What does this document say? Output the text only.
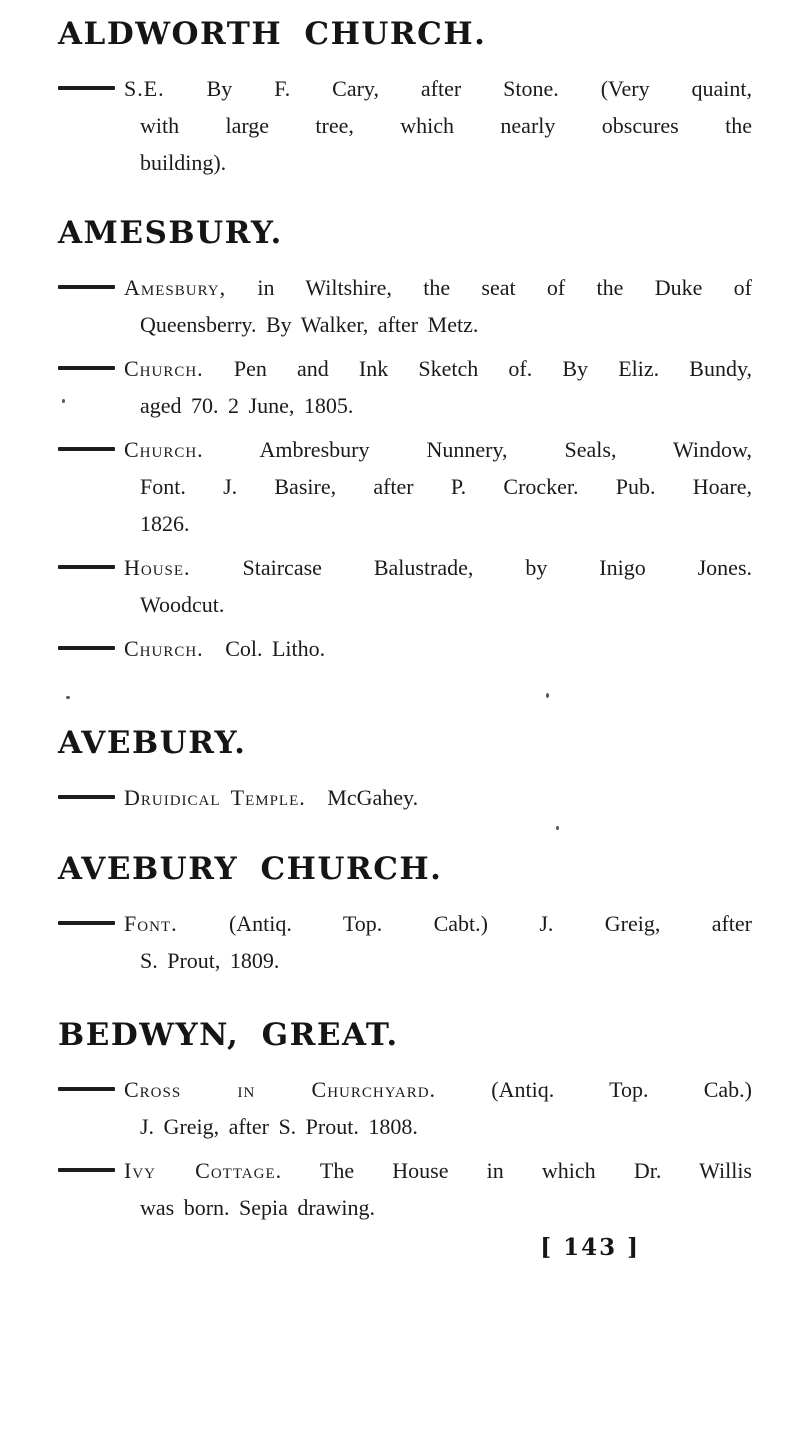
ALDWORTH CHURCH.
S.E. By F. Cary, after Stone. (Very quaint,
with large tree, which nearly obscures the
building).
AMESBURY.
Amesbury, in Wiltshire, the seat of the Duke of
Queensberry. By Walker, after Metz.
Church. Pen and Ink Sketch of. By Eliz. Bundy,
aged 70. 2 June, 1805.
Church.	Ambresbury Nunnery, Seals, Window,
Font. J. Basire, after P. Crocker. Pub. Hoare,
1826.
House. Staircase Balustrade, by Inigo Jones.
Woodcut.
Church. Col. Litho.
AVEBURY.
Druidical Temple. McGahey.
AVEBURY CHURCH.
Font. (Antiq. Top. Cabt.) J. Greig, after
S. Prout, 1809.
BEDWYN, GREAT.
Cross in Churchyard.	(Antiq. Top. Cab.)
J. Greig, after S. Prout. 1808.
Ivy Cottage. The House in which Dr. Willis
was born. Sepia drawing.
[ 143 ]
